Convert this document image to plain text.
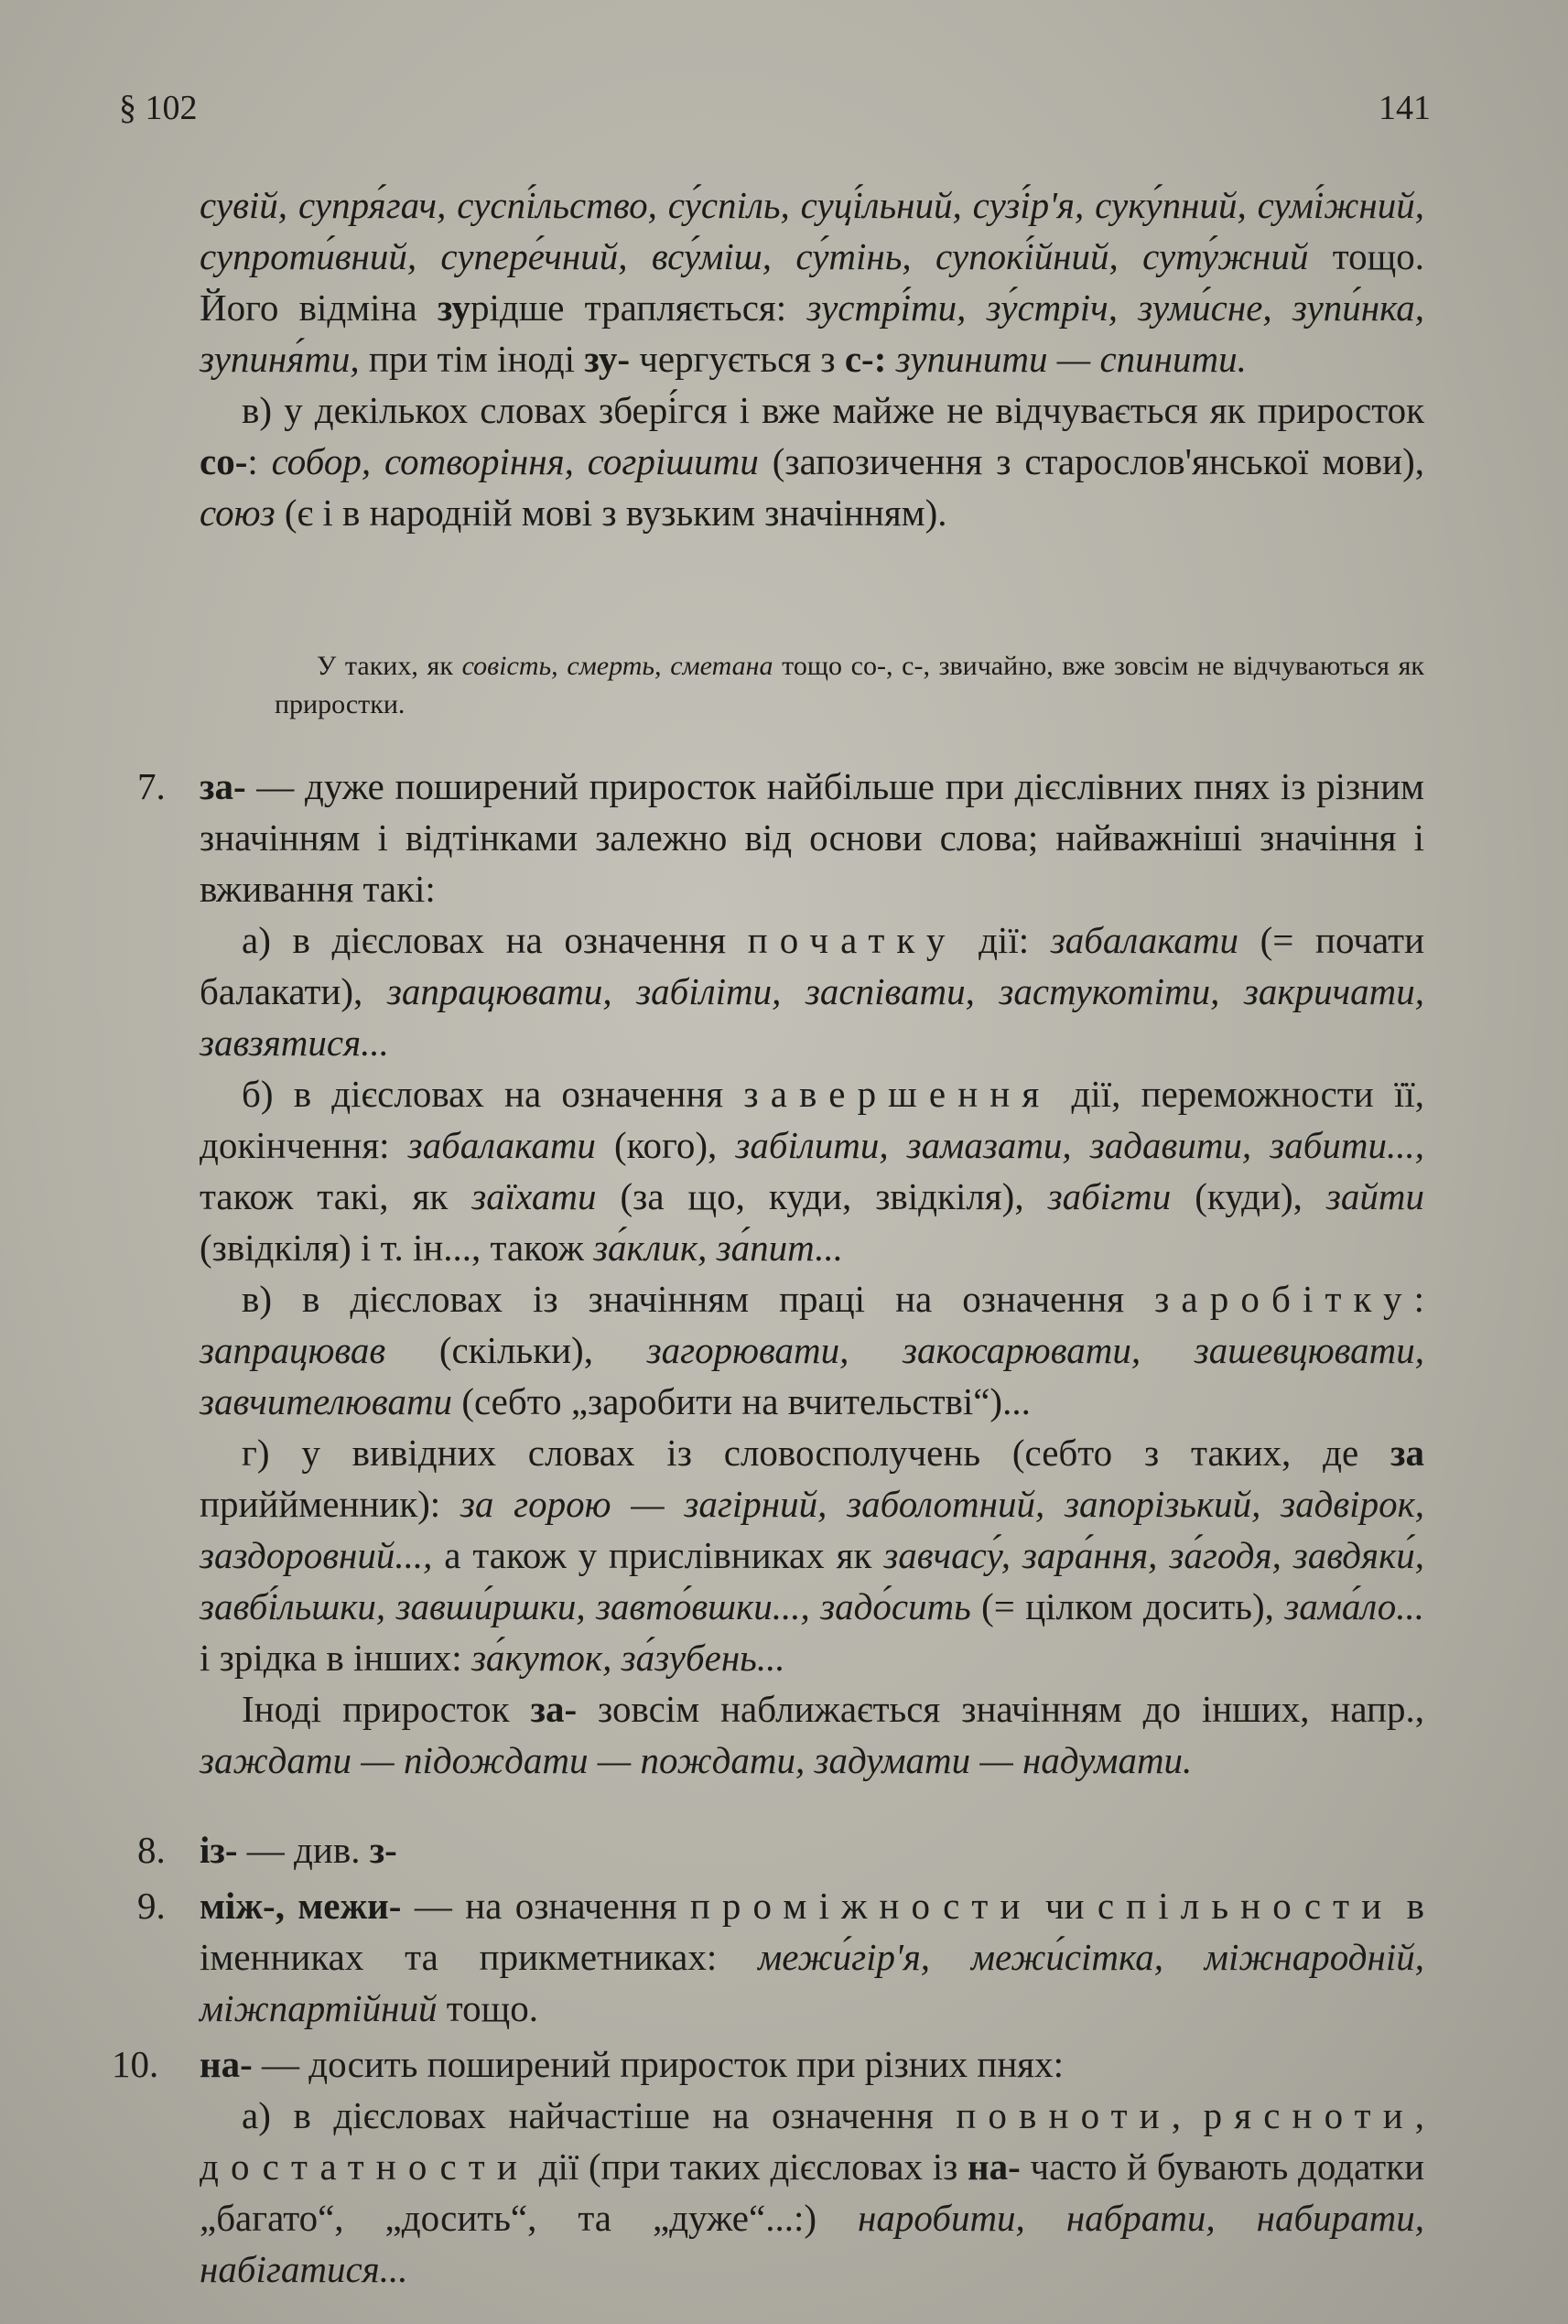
§ 102	141

сувій, супря́гач, суспі́льство, су́спіль, суці́льний, сузі́р'я, суку́пний, сумі́жний, супроти́вний, супере́чний, всу́міш, су́тінь, супокі́йний, суту́жний тощо. Його відміна зурідше трапляється: зустрі́ти, зу́стріч, зуми́сне, зупи́нка, зупиня́ти, при тім іноді зу- чергується з с-: зупинити — спинити.

в) у декількох словах збері́гся і вже майже не відчувається як приросток со-: собор, сотворіння, согрішити (запозичення з старослов'янської мови), союз (є і в народній мові з вузьким значінням).

У таких, як совість, смерть, сметана тощо со-, с-, звичайно, вже зовсім не відчуваються як приростки.

7. за- — дуже поширений приросток найбільше при дієслівних пнях із різним значінням і відтінками залежно від основи слова; найважніші значіння і вживання такі:

а) в дієсловах на означення початку дії: забалакати (= почати балакати), запрацювати, забіліти, заспівати, застукотіти, закричати, завзятися...

б) в дієсловах на означення завершення дії, переможности її, докінчення: забалакати (кого), забілити, замазати, задавити, забити..., також такі, як заїхати (за що, куди, звідкіля), забігти (куди), зайти (звідкіля) і т. ін..., також за́клик, за́пит...

в) в дієсловах із значінням праці на означення заробітку: запрацював (скільки), загорювати, закосарювати, зашевцювати, завчителювати (себто „заробити на вчительстві“)...

г) у вивідних словах із словосполучень (себто з таких, де за приййменник): за горою — загірний, заболотний, запорізький, задвірок, заздоровний..., а також у прислівниках як завчасу́, зара́ння, за́годя, завдяки́, завбі́льшки, завши́ршки, завто́вшки..., задо́сить (= цілком досить), зама́ло... і зрідка в інших: за́куток, за́зубень...

Іноді приросток за- зовсім наближається значінням до інших, напр., заждати — підождати — пождати, задумати — надумати.

8. із- — див. з-

9. між-, межи- — на означення проміжности чи спільности в іменниках та прикметниках: межи́гір'я, межи́сітка, міжнародній, міжпартійний тощо.

10. на- — досить поширений приросток при різних пнях:

а) в дієсловах найчастіше на означення повноти, рясноти, достатности дії (при таких дієсловах із на- часто й бувають додатки „багато“, „досить“, та „дуже“...:) наробити, набрати, набирати, набігатися...
